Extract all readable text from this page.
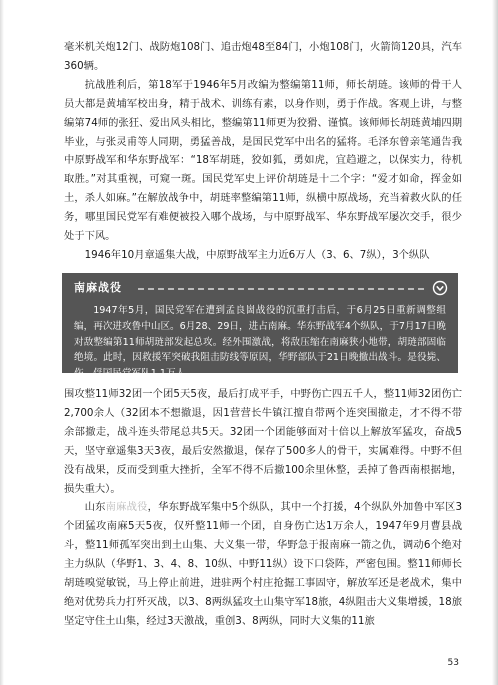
毫米机关炮12门、战防炮108门、追击炮48至84门，小炮108门，火箭筒120具，汽车360辆。

抗战胜利后，第18军于1946年5月改编为整编第11师，师长胡琏。该师的骨干人员大都是黄埔军校出身，精于战术、训练有素，以身作则，勇于作战。客观上讲，与整编第74师的张狂、爱出风头相比，整编第11师更为狡猾、谨慎。该师师长胡琏黄埔四期毕业，与张灵甫等人同期，勇猛善战，是国民党军中出名的猛将。毛泽东曾亲笔通告我中原野战军和华东野战军：“18军胡琏，狡如狐，勇如虎，宜趋避之，以保实力，待机取胜。”对其重视，可窥一斑。国民党军史上评价胡琏是十二个字：“爱才如命，挥金如土，杀人如麻。”在解放战争中，胡琏率整编第11师，纵横中原战场，充当着救火队的任务，哪里国民党军有难便被投入哪个战场，与中原野战军、华东野战军屡次交手，很少处于下风。

1946年10月章遥集大战，中原野战军主力近6万人（3、6、7纵），3个纵队

南麻战役

1947年5月，国民党军在遭到孟良崮战役的沉重打击后，于6月25日重新调整组编，再次进攻鲁中山区。6月28、29日，进占南麻。华东野战军4个纵队，于7月17日晚对敌整编第11师胡琏部发起总攻。经外围激战，将敌压缩在南麻狭小地带，胡琏部固临绝境。此时，因救援军突破我阻击防线等原因，华野部队于21日晚撤出战斗。是役毙、伤、俘国民党军队1.1万人。

围攻整11师32团一个团5天5夜，最后打成平手，中野伤亡四五千人，整11师32团伤亡2,700余人（32团本不想撤退，因1营营长牛镇江擅自带两个连突围撤走，才不得不带余部撤走，战斗连头带尾总共5天。32团一个团能够面对十倍以上解放军猛攻，奋战5天，坚守章遥集3天3夜，最后安然撤退，保存了500多人的骨干，实属难得。中野不但没有战果，反而受到重大挫折，全军不得不后撤100余里休整，丢掉了鲁西南根据地，损失重大）。

山东南麻战役，华东野战军集中5个纵队，其中一个打援，4个纵队外加鲁中军区3个团猛攻南麻5天5夜，仅歼整11师一个团，自身伤亡达1万余人，1947年9月曹县战斗，整11师孤军突出到土山集、大义集一带，华野急于报南麻一箭之仇，调动6个绝对主力纵队（华野1、3、4、8、10纵、中野11纵）设下口袋阵，严密包围。整11师师长胡琏嗅觉敏锐，马上停止前进，进驻两个村庄抢掘工事固守，解放军还是老战术，集中绝对优势兵力打歼灭战，以3、8两纵猛攻土山集守军18旅，4纵阻击大义集增援，18旅坚定守住土山集，经过3天激战，重创3、8两纵，同时大义集的11旅

53
